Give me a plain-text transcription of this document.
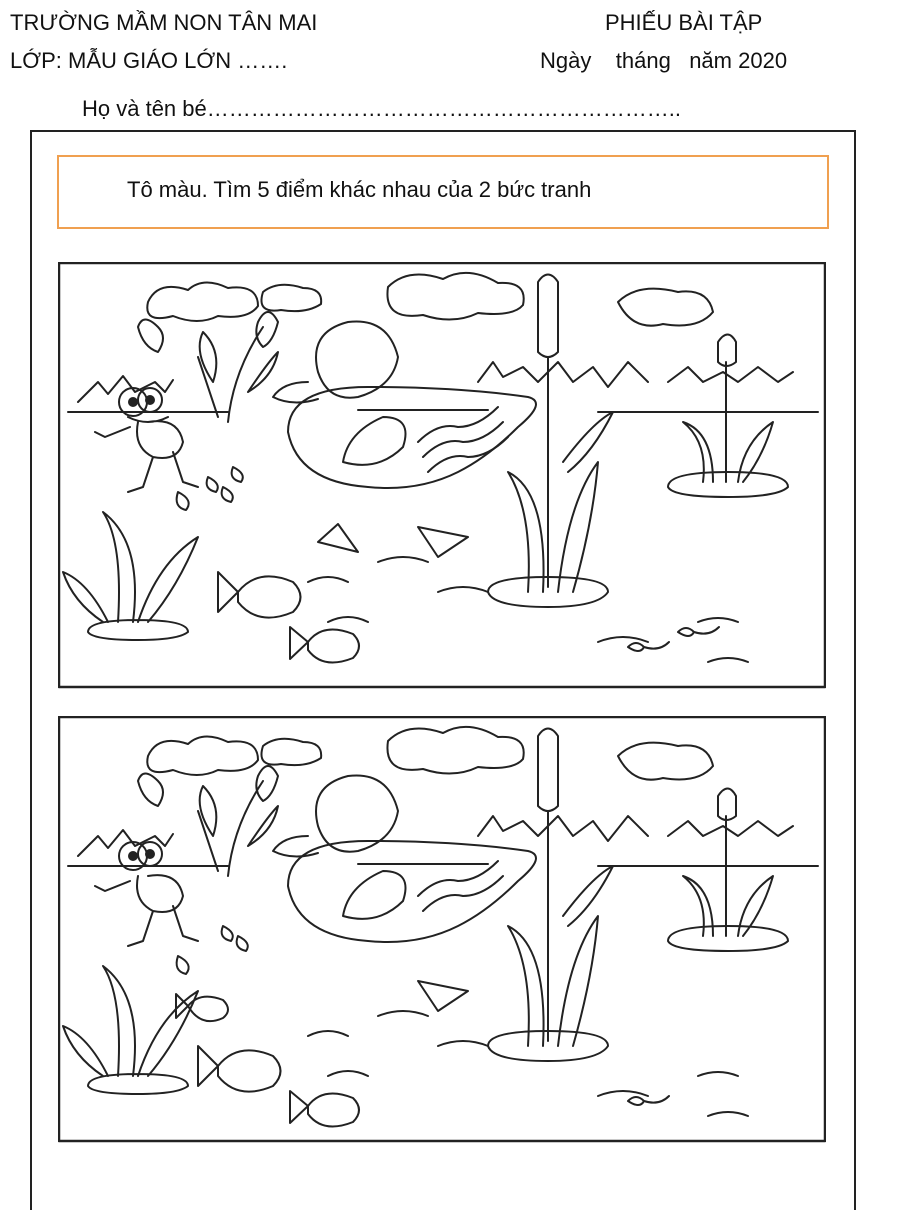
TRƯỜNG MẦM NON TÂN MAI
LỚP: MẪU GIÁO LỚN …….
PHIẾU BÀI TẬP
Ngày    tháng   năm 2020
Họ và tên bé………………………………………………………..
Tô màu. Tìm 5 điểm khác nhau của 2 bức tranh
